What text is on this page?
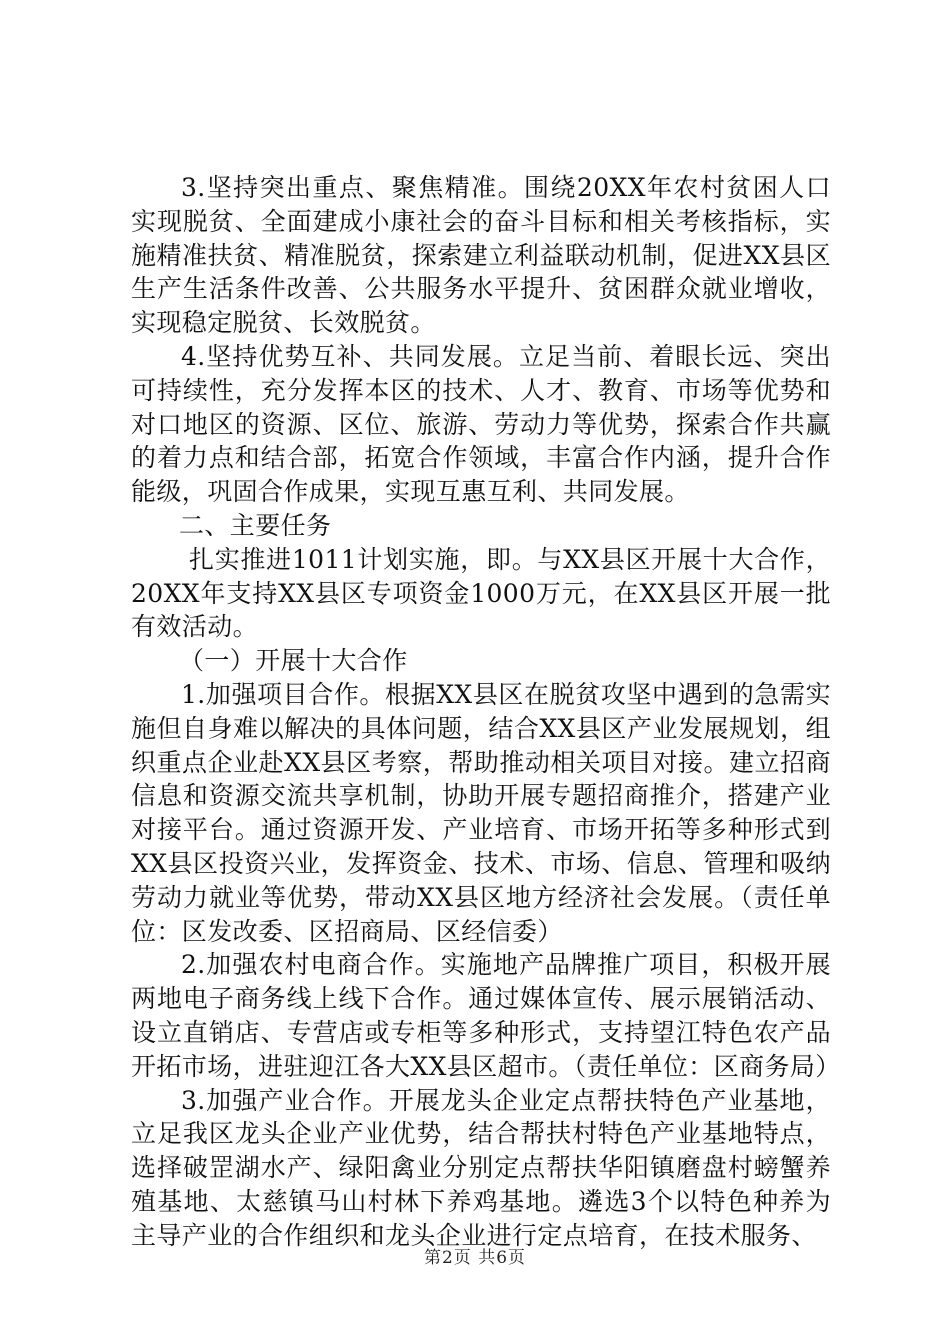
3.坚持突出重点、聚焦精准。围绕20XX年农村贫困人口实现脱贫、全面建成小康社会的奋斗目标和相关考核指标，实施精准扶贫、精准脱贫，探索建立利益联动机制，促进XX县区生产生活条件改善、公共服务水平提升、贫困群众就业增收，实现稳定脱贫、长效脱贫。

4.坚持优势互补、共同发展。立足当前、着眼长远、突出可持续性，充分发挥本区的技术、人才、教育、市场等优势和对口地区的资源、区位、旅游、劳动力等优势，探索合作共赢的着力点和结合部，拓宽合作领域，丰富合作内涵，提升合作能级，巩固合作成果，实现互惠互利、共同发展。

二、主要任务

扎实推进1011计划实施，即。与XX县区开展十大合作，20XX年支持XX县区专项资金1000万元，在XX县区开展一批有效活动。

（一）开展十大合作

1.加强项目合作。根据XX县区在脱贫攻坚中遇到的急需实施但自身难以解决的具体问题，结合XX县区产业发展规划，组织重点企业赴XX县区考察，帮助推动相关项目对接。建立招商信息和资源交流共享机制，协助开展专题招商推介，搭建产业对接平台。通过资源开发、产业培育、市场开拓等多种形式到XX县区投资兴业，发挥资金、技术、市场、信息、管理和吸纳劳动力就业等优势，带动XX县区地方经济社会发展。（责任单位：区发改委、区招商局、区经信委）

2.加强农村电商合作。实施地产品牌推广项目，积极开展两地电子商务线上线下合作。通过媒体宣传、展示展销活动、设立直销店、专营店或专柜等多种形式，支持望江特色农产品开拓市场，进驻迎江各大XX县区超市。（责任单位：区商务局）

3.加强产业合作。开展龙头企业定点帮扶特色产业基地，立足我区龙头企业产业优势，结合帮扶村特色产业基地特点，选择破罡湖水产、绿阳禽业分别定点帮扶华阳镇磨盘村螃蟹养殖基地、太慈镇马山村林下养鸡基地。遴选3个以特色种养为主导产业的合作组织和龙头企业进行定点培育，在技术服务、

第2页 共6页
